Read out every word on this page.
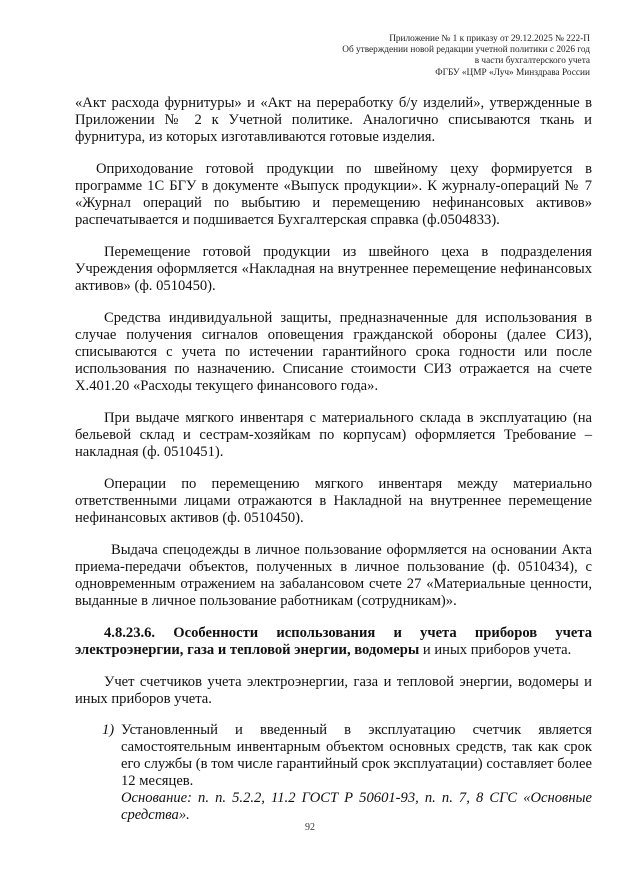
Приложение № 1 к приказу от 29.12.2025 № 222-П
Об утверждении новой редакции учетной политики с 2026 год
в части бухгалтерского учета
ФГБУ «ЦМР «Луч» Минздрава России

«Акт расхода фурнитуры» и «Акт на переработку б/у изделий», утвержденные в Приложении № 2 к Учетной политике. Аналогично списываются ткань и фурнитура, из которых изготавливаются готовые изделия.

Оприходование готовой продукции по швейному цеху формируется в программе 1С БГУ в документе «Выпуск продукции». К журналу-операций № 7 «Журнал операций по выбытию и перемещению нефинансовых активов» распечатывается и подшивается Бухгалтерская справка (ф.0504833).

Перемещение готовой продукции из швейного цеха в подразделения Учреждения оформляется «Накладная на внутреннее перемещение нефинансовых активов» (ф. 0510450).

Средства индивидуальной защиты, предназначенные для использования в случае получения сигналов оповещения гражданской обороны (далее СИЗ), списываются с учета по истечении гарантийного срока годности или после использования по назначению. Списание стоимости СИЗ отражается на счете Х.401.20 «Расходы текущего финансового года».

При выдаче мягкого инвентаря с материального склада в эксплуатацию (на бельевой склад и сестрам-хозяйкам по корпусам) оформляется Требование – накладная (ф. 0510451).

Операции по перемещению мягкого инвентаря между материально ответственными лицами отражаются в Накладной на внутреннее перемещение нефинансовых активов (ф. 0510450).

Выдача спецодежды в личное пользование оформляется на основании Акта приема-передачи объектов, полученных в личное пользование (ф. 0510434), с одновременным отражением на забалансовом счете 27 «Материальные ценности, выданные в личное пользование работникам (сотрудникам)».

4.8.23.6. Особенности использования и учета приборов учета электроэнергии, газа и тепловой энергии, водомеры и иных приборов учета.

Учет счетчиков учета электроэнергии, газа и тепловой энергии, водомеры и иных приборов учета.

1) Установленный и введенный в эксплуатацию счетчик является самостоятельным инвентарным объектом основных средств, так как срок его службы (в том числе гарантийный срок эксплуатации) составляет более 12 месяцев.
Основание: п. п. 5.2.2, 11.2 ГОСТ Р 50601-93, п. п. 7, 8 СГС «Основные средства».
92
